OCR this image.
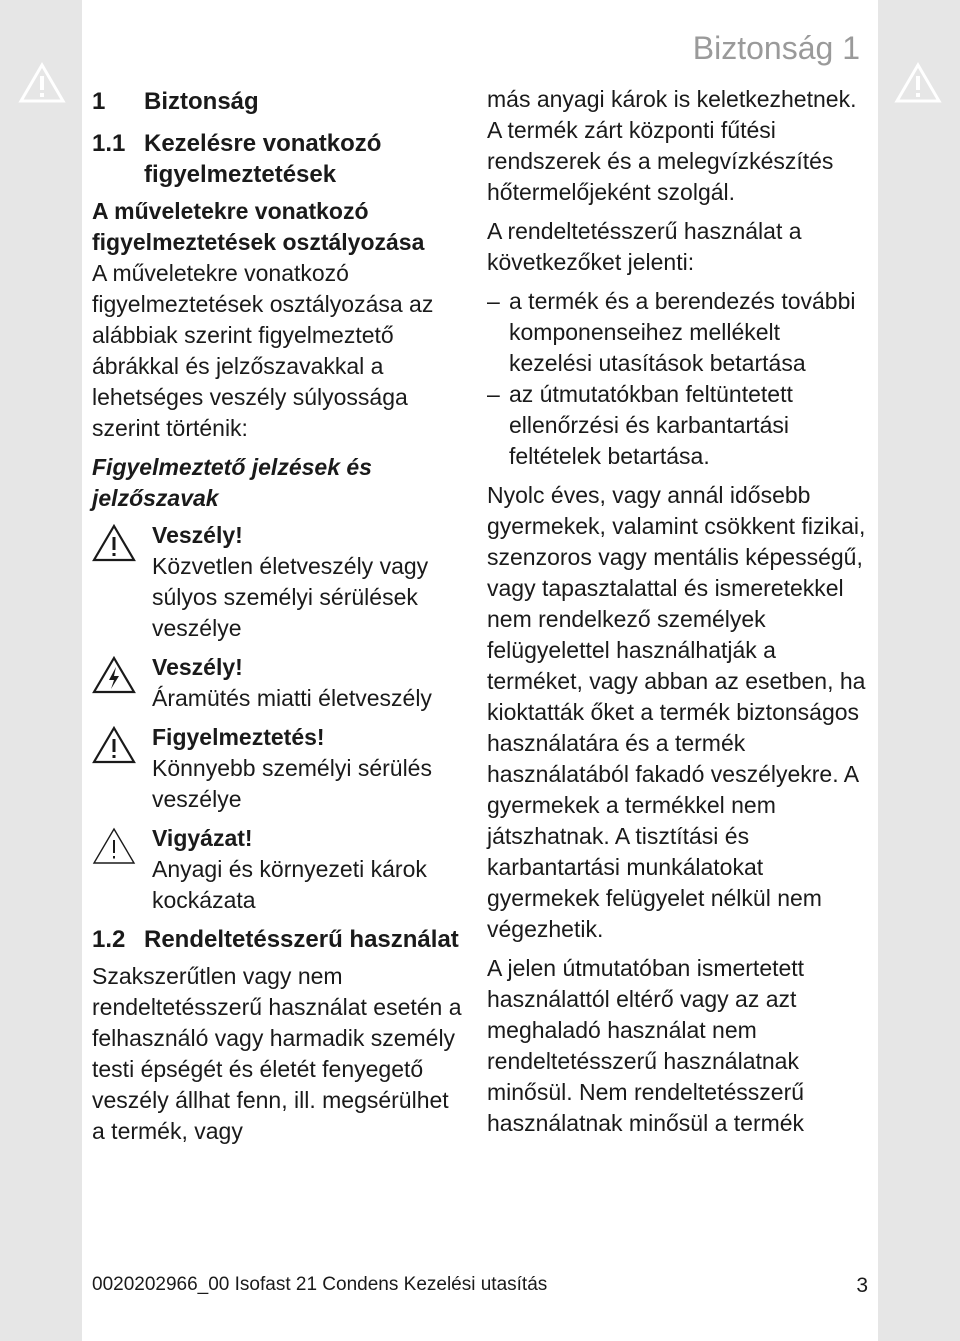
Biztonság 1
1	Biztonság
1.1 Kezelésre vonatkozó figyelmeztetések
A műveletekre vonatkozó figyelmeztetések osztályozása
A műveletekre vonatkozó figyelmeztetések osztályozása az alábbiak szerint figyelmeztető ábrákkal és jelzőszavakkal a lehetséges veszély súlyossága szerint történik:
Figyelmeztető jelzések és jelzőszavak
Veszély!
Közvetlen életveszély vagy súlyos személyi sérülések veszélye
Veszély!
Áramütés miatti életveszély
Figyelmeztetés!
Könnyebb személyi sérülés veszélye
Vigyázat!
Anyagi és környezeti károk kockázata
1.2 Rendeltetésszerű használat
Szakszerűtlen vagy nem rendeltetésszerű használat esetén a felhasználó vagy harmadik személy testi épségét és életét fenyegető veszély állhat fenn, ill. megsérülhet a termék, vagy
más anyagi károk is keletkezhetnek.
A termék zárt központi fűtési rendszerek és a melegvízkészítés hőtermelőjeként szolgál.
A rendeltetésszerű használat a következőket jelenti:
– a termék és a berendezés további komponenseihez mellékelt kezelési utasítások betartása
– az útmutatókban feltüntetett ellenőrzési és karbantartási feltételek betartása.
Nyolc éves, vagy annál idősebb gyermekek, valamint csökkent fizikai, szenzoros vagy mentális képességű, vagy tapasztalattal és ismeretekkel nem rendelkező személyek felügyelettel használhatják a terméket, vagy abban az esetben, ha kioktatták őket a termék biztonságos használatára és a termék használatából fakadó veszélyekre. A gyermekek a termékkel nem játszhatnak. A tisztítási és karbantartási munkálatokat gyermekek felügyelet nélkül nem végezhetik.
A jelen útmutatóban ismertetett használattól eltérő vagy az azt meghaladó használat nem rendeltetésszerű használatnak minősül. Nem rendeltetésszerű használatnak minősül a termék
0020202966_00 Isofast 21 Condens Kezelési utasítás	3
